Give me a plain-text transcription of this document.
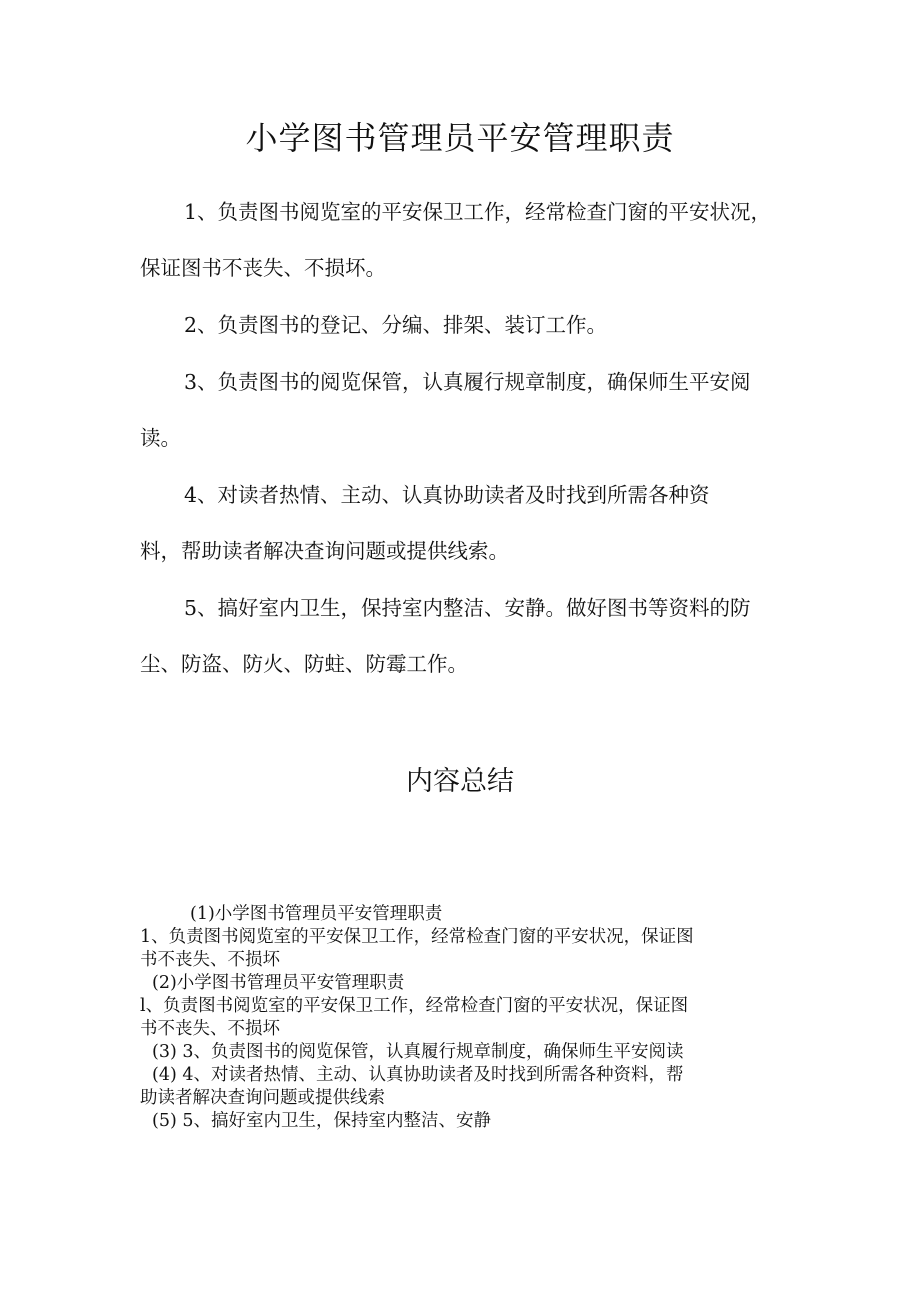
小学图书管理员平安管理职责

1、负责图书阅览室的平安保卫工作，经常检查门窗的平安状况，
保证图书不丧失、不损坏。

2、负责图书的登记、分编、排架、装订工作。

3、负责图书的阅览保管，认真履行规章制度，确保师生平安阅
读。

4、对读者热情、主动、认真协助读者及时找到所需各种资
料，帮助读者解决查询问题或提供线索。

5、搞好室内卫生，保持室内整洁、安静。做好图书等资料的防
尘、防盗、防火、防蛀、防霉工作。

内容总结
(1)小学图书管理员平安管理职责
1、负责图书阅览室的平安保卫工作，经常检查门窗的平安状况，保证图
书不丧失、不损坏
(2)小学图书管理员平安管理职责
l、负责图书阅览室的平安保卫工作，经常检查门窗的平安状况，保证图
书不丧失、不损坏
(3) 3、负责图书的阅览保管，认真履行规章制度，确保师生平安阅读
(4) 4、对读者热情、主动、认真协助读者及时找到所需各种资料，帮
助读者解决查询问题或提供线索
(5) 5、搞好室内卫生，保持室内整洁、安静
